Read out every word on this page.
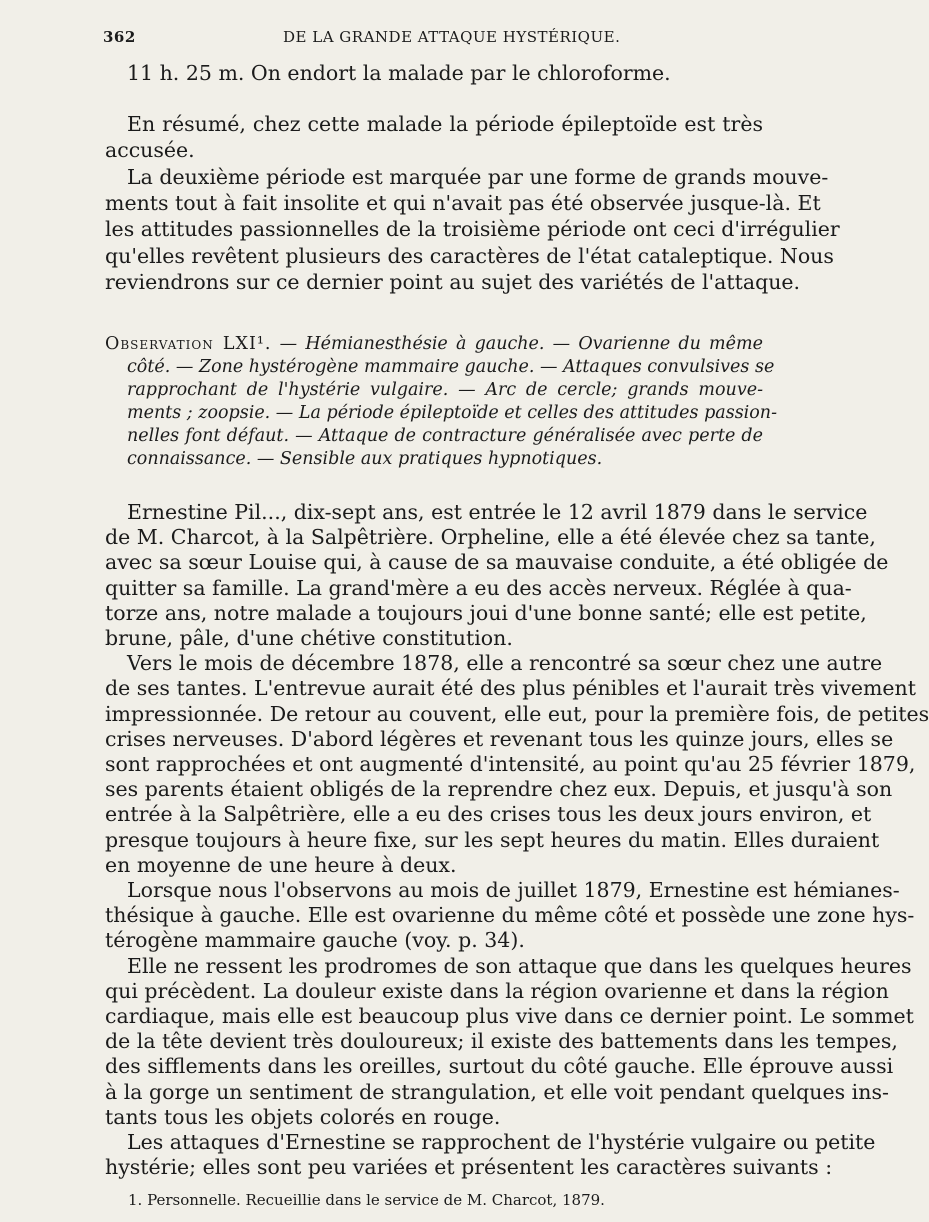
362	DE LA GRANDE ATTAQUE HYSTÉRIQUE.
11 h. 25 m. On endort la malade par le chloroforme.
En résumé, chez cette malade la période épileptoïde est très
accusée.
La deuxième période est marquée par une forme de grands mouve-
ments tout à fait insolite et qui n'avait pas été observée jusque-là. Et
les attitudes passionnelles de la troisième période ont ceci d'irrégulier
qu'elles revêtent plusieurs des caractères de l'état cataleptique. Nous
reviendrons sur ce dernier point au sujet des variétés de l'attaque.
Observation LXI¹. — Hémianesthésie à gauche. — Ovarienne du même
côté. — Zone hystérogène mammaire gauche. — Attaques convulsives se
rapprochant de l'hystérie vulgaire. — Arc de cercle; grands mouve-
ments ; zoopsie. — La période épileptoïde et celles des attitudes passion-
nelles font défaut. — Attaque de contracture généralisée avec perte de
connaissance. — Sensible aux pratiques hypnotiques.
Ernestine Pil..., dix-sept ans, est entrée le 12 avril 1879 dans le service
de M. Charcot, à la Salpêtrière. Orpheline, elle a été élevée chez sa tante,
avec sa sœur Louise qui, à cause de sa mauvaise conduite, a été obligée de
quitter sa famille. La grand'mère a eu des accès nerveux. Réglée à qua-
torze ans, notre malade a toujours joui d'une bonne santé; elle est petite,
brune, pâle, d'une chétive constitution.
Vers le mois de décembre 1878, elle a rencontré sa sœur chez une autre
de ses tantes. L'entrevue aurait été des plus pénibles et l'aurait très vivement
impressionnée. De retour au couvent, elle eut, pour la première fois, de petites
crises nerveuses. D'abord légères et revenant tous les quinze jours, elles se
sont rapprochées et ont augmenté d'intensité, au point qu'au 25 février 1879,
ses parents étaient obligés de la reprendre chez eux. Depuis, et jusqu'à son
entrée à la Salpêtrière, elle a eu des crises tous les deux jours environ, et
presque toujours à heure fixe, sur les sept heures du matin. Elles duraient
en moyenne de une heure à deux.
Lorsque nous l'observons au mois de juillet 1879, Ernestine est hémianes-
thésique à gauche. Elle est ovarienne du même côté et possède une zone hys-
térogène mammaire gauche (voy. p. 34).
Elle ne ressent les prodromes de son attaque que dans les quelques heures
qui précèdent. La douleur existe dans la région ovarienne et dans la région
cardiaque, mais elle est beaucoup plus vive dans ce dernier point. Le sommet
de la tête devient très douloureux; il existe des battements dans les tempes,
des sifflements dans les oreilles, surtout du côté gauche. Elle éprouve aussi
à la gorge un sentiment de strangulation, et elle voit pendant quelques ins-
tants tous les objets colorés en rouge.
Les attaques d'Ernestine se rapprochent de l'hystérie vulgaire ou petite
hystérie; elles sont peu variées et présentent les caractères suivants :
1. Personnelle. Recueillie dans le service de M. Charcot, 1879.
